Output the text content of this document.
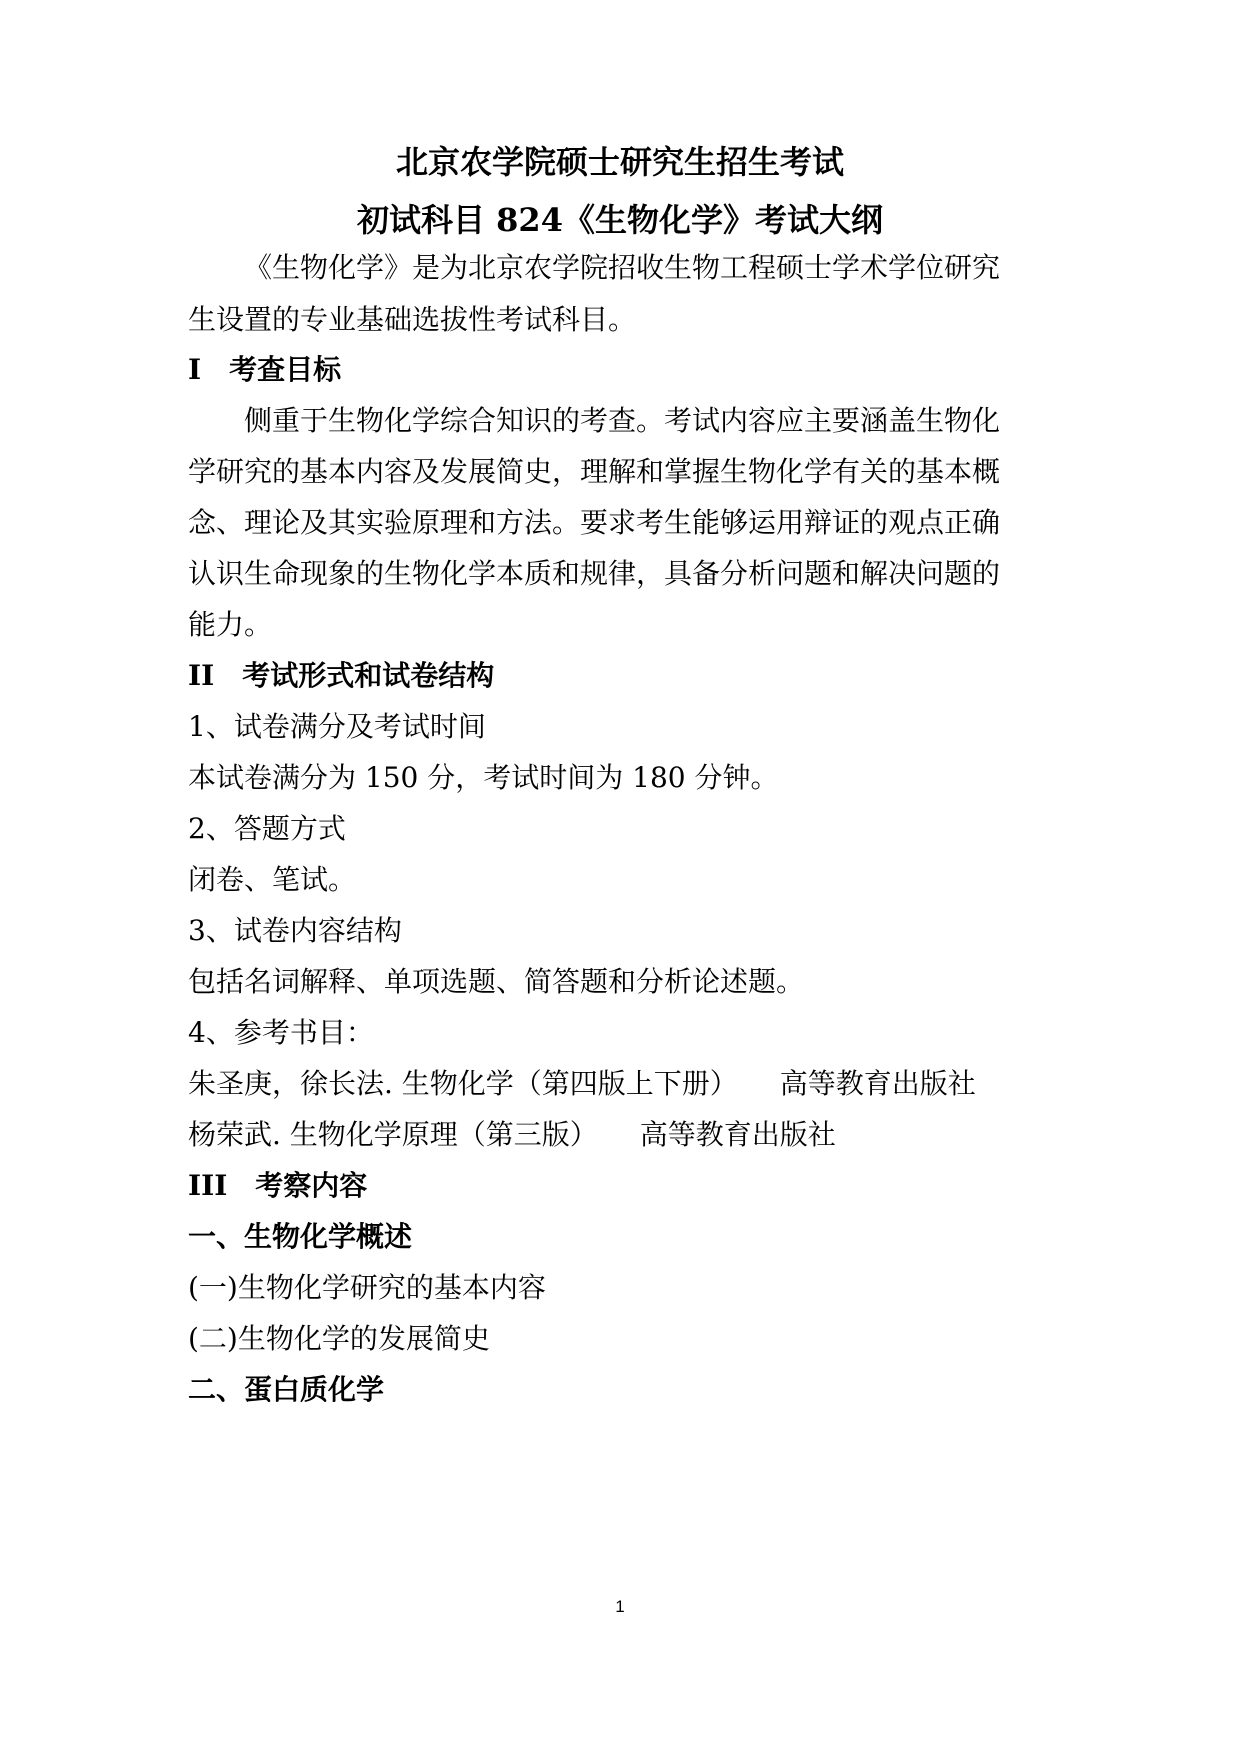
北京农学院硕士研究生招生考试
初试科目 824《生物化学》考试大纲
《生物化学》是为北京农学院招收生物工程硕士学术学位研究
生设置的专业基础选拔性考试科目。
I　考查目标
侧重于生物化学综合知识的考查。考试内容应主要涵盖生物化
学研究的基本内容及发展简史，理解和掌握生物化学有关的基本概
念、理论及其实验原理和方法。要求考生能够运用辩证的观点正确
认识生命现象的生物化学本质和规律，具备分析问题和解决问题的
能力。
II　考试形式和试卷结构
1、试卷满分及考试时间
本试卷满分为 150 分，考试时间为 180 分钟。
2、答题方式
闭卷、笔试。
3、试卷内容结构
包括名词解释、单项选题、简答题和分析论述题。
4、参考书目：
朱圣庚，徐长法. 生物化学（第四版上下册）　　高等教育出版社
杨荣武. 生物化学原理（第三版）　　高等教育出版社
III　考察内容
一、生物化学概述
(一)生物化学研究的基本内容
(二)生物化学的发展简史
二、蛋白质化学
1
